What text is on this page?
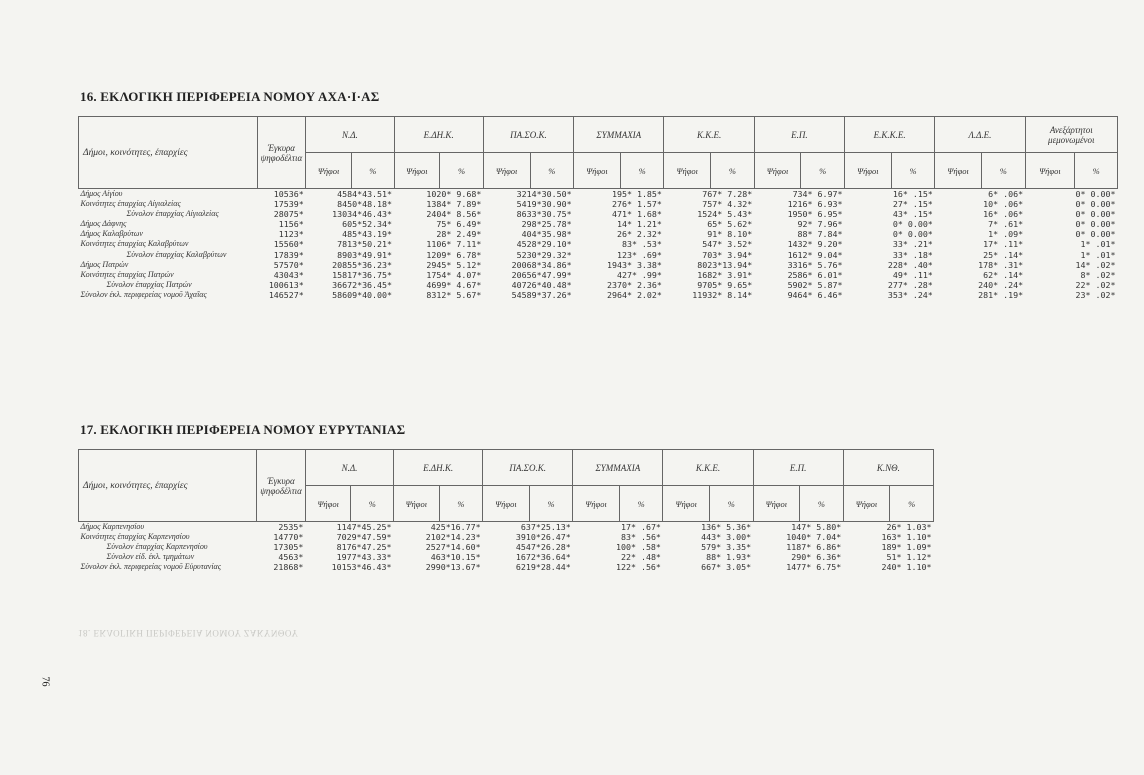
16. ΕΚΛΟΓΙΚΗ ΠΕΡΙΦΕΡΕΙΑ ΝΟΜΟΥ ΑΧΑ·Ι·ΑΣ
Δήμοι, κοινότητες, έπαρχίες	Έγκυρα ψηφοδέλτια	Ν.Δ.		Ε.ΔΗ.Κ.		ΠΑ.ΣΟ.Κ.		ΣΥΜΜΑΧΙΑ		Κ.Κ.Ε.		Ε.Π.		Ε.Κ.Κ.Ε.		Λ.Δ.Ε.		Ανεξάρτητοι μεμονωμένοι	
		Ψήφοι	%	Ψήφοι	%	Ψήφοι	%	Ψήφοι	%	Ψήφοι	%	Ψήφοι	%	Ψήφοι	%	Ψήφοι	%	Ψήφοι	%
Δήμος Αίγίου	10536*	4584*43.51*		1020* 9.68*		3214*30.50*		195* 1.85*		767* 7.28*		734* 6.97*		16* .15*		6* .06*		0* 0.00*	
Κοινότητες έπαρχίας Αίγιαλείας	17539*	8450*48.18*		1384* 7.89*		5419*30.90*		276* 1.57*		757* 4.32*		1216* 6.93*		27* .15*		10* .06*		0* 0.00*	
Σύνολον έπαρχίας Αίγιαλείας	28075*	13034*46.43*		2404* 8.56*		8633*30.75*		471* 1.68*		1524* 5.43*		1950* 6.95*		43* .15*		16* .06*		0* 0.00*	
Δήμος Δάφνης	1156*	605*52.34*		75* 6.49*		298*25.78*		14* 1.21*		65* 5.62*		92* 7.96*		0* 0.00*		7* .61*		0* 0.00*	
Δήμος Καλαβρύτων	1123*	485*43.19*		28* 2.49*		404*35.98*		26* 2.32*		91* 8.10*		88* 7.84*		0* 0.00*		1* .09*		0* 0.00*	
Κοινότητες έπαρχίας Καλαβρύτων	15560*	7813*50.21*		1106* 7.11*		4528*29.10*		83* .53*		547* 3.52*		1432* 9.20*		33* .21*		17* .11*		1* .01*	
Σύνολον έπαρχίας Καλαβρύτων	17839*	8903*49.91*		1209* 6.78*		5230*29.32*		123* .69*		703* 3.94*		1612* 9.04*		33* .18*		25* .14*		1* .01*	
Δήμος Πατρών	57570*	20855*36.23*		2945* 5.12*		20068*34.86*		1943* 3.38*		8023*13.94*		3316* 5.76*		228* .40*		178* .31*		14* .02*	
Κοινότητες έπαρχίας Πατρών	43043*	15817*36.75*		1754* 4.07*		20656*47.99*		427* .99*		1682* 3.91*		2586* 6.01*		49* .11*		62* .14*		8* .02*	
Σύνολον έπαρχίας Πατρών	100613*	36672*36.45*		4699* 4.67*		40726*40.48*		2370* 2.36*		9705* 9.65*		5902* 5.87*		277* .28*		240* .24*		22* .02*	
Σύνολον έκλ. περιφερείας νομοῦ Ἀχαΐας	146527*	58609*40.00*		8312* 5.67*		54589*37.26*		2964* 2.02*		11932* 8.14*		9464* 6.46*		353* .24*		281* .19*		23* .02*	
17. ΕΚΛΟΓΙΚΗ ΠΕΡΙΦΕΡΕΙΑ ΝΟΜΟΥ ΕΥΡΥΤΑΝΙΑΣ
Δήμοι, κοινότητες, έπαρχίες	Έγκυρα ψηφοδέλτια	Ν.Δ.		Ε.ΔΗ.Κ.		ΠΑ.ΣΟ.Κ.		ΣΥΜΜΑΧΙΑ		Κ.Κ.Ε.		Ε.Π.		Κ.ΝΘ.	
		Ψήφοι	%	Ψήφοι	%	Ψήφοι	%	Ψήφοι	%	Ψήφοι	%	Ψήφοι	%	Ψήφοι	%
Δήμος Καρπενησίου	2535*	1147*45.25*		425*16.77*		637*25.13*		17* .67*		136* 5.36*		147* 5.80*		26* 1.03*	
Κοινότητες έπαρχίας Καρπενησίου	14770*	7029*47.59*		2102*14.23*		3910*26.47*		83* .56*		443* 3.00*		1040* 7.04*		163* 1.10*	
Σύνολον έπαρχίας Καρπενησίου	17305*	8176*47.25*		2527*14.60*		4547*26.28*		100* .58*		579* 3.35*		1187* 6.86*		189* 1.09*	
Σύνολον είδ. έκλ. τμημάτων	4563*	1977*43.33*		463*10.15*		1672*36.64*		22* .48*		88* 1.93*		290* 6.36*		51* 1.12*	
Σύνολον έκλ. περιφερείας νομοῦ Εὐρυτανίας	21868*	10153*46.43*		2990*13.67*		6219*28.44*		122* .56*		667* 3.05*		1477* 6.75*		240* 1.10*	
18. ΕΚΛΟΓΙΚΗ ΠΕΡΙΦΕΡΕΙΑ ΝΟΜΟΥ ΖΑΚΥΝΘΟΥ
76
